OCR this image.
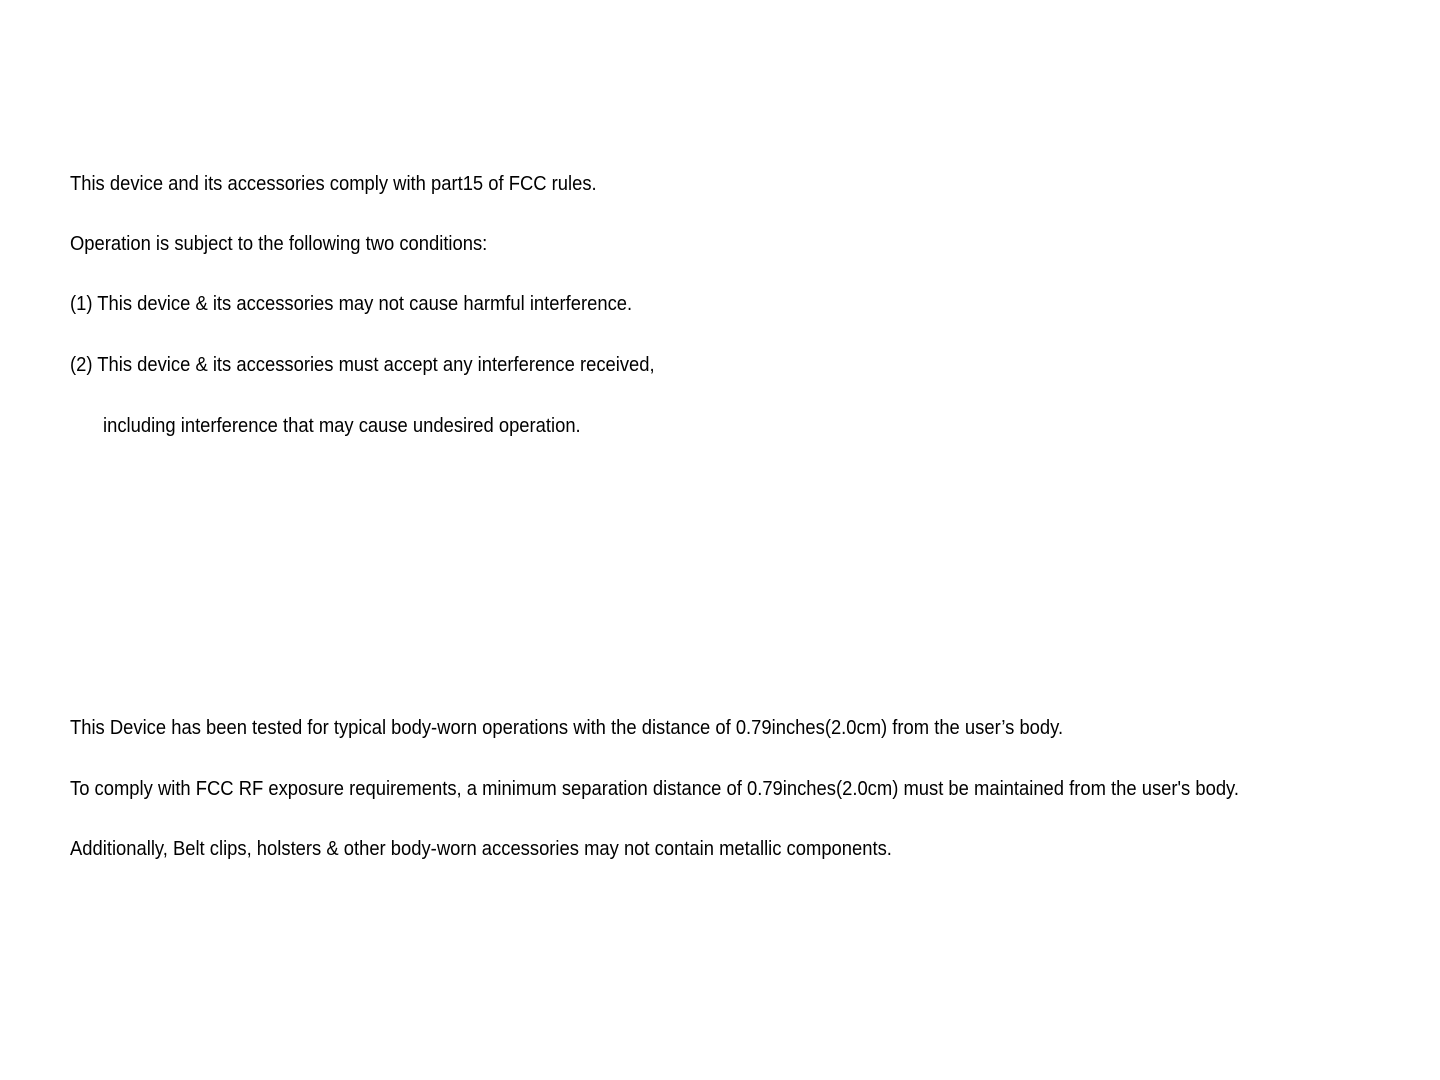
This device and its accessories comply with part15 of FCC rules.

Operation is subject to the following two conditions:

(1) This device & its accessories may not cause harmful interference.

(2) This device & its accessories must accept any interference received,

including interference that may cause undesired operation.

This Device has been tested for typical body-worn operations with the distance of 0.79inches(2.0cm) from the user’s body.

To comply with FCC RF exposure requirements, a minimum separation distance of 0.79inches(2.0cm) must be maintained from the user's body.

Additionally, Belt clips, holsters & other body-worn accessories may not contain metallic components.
